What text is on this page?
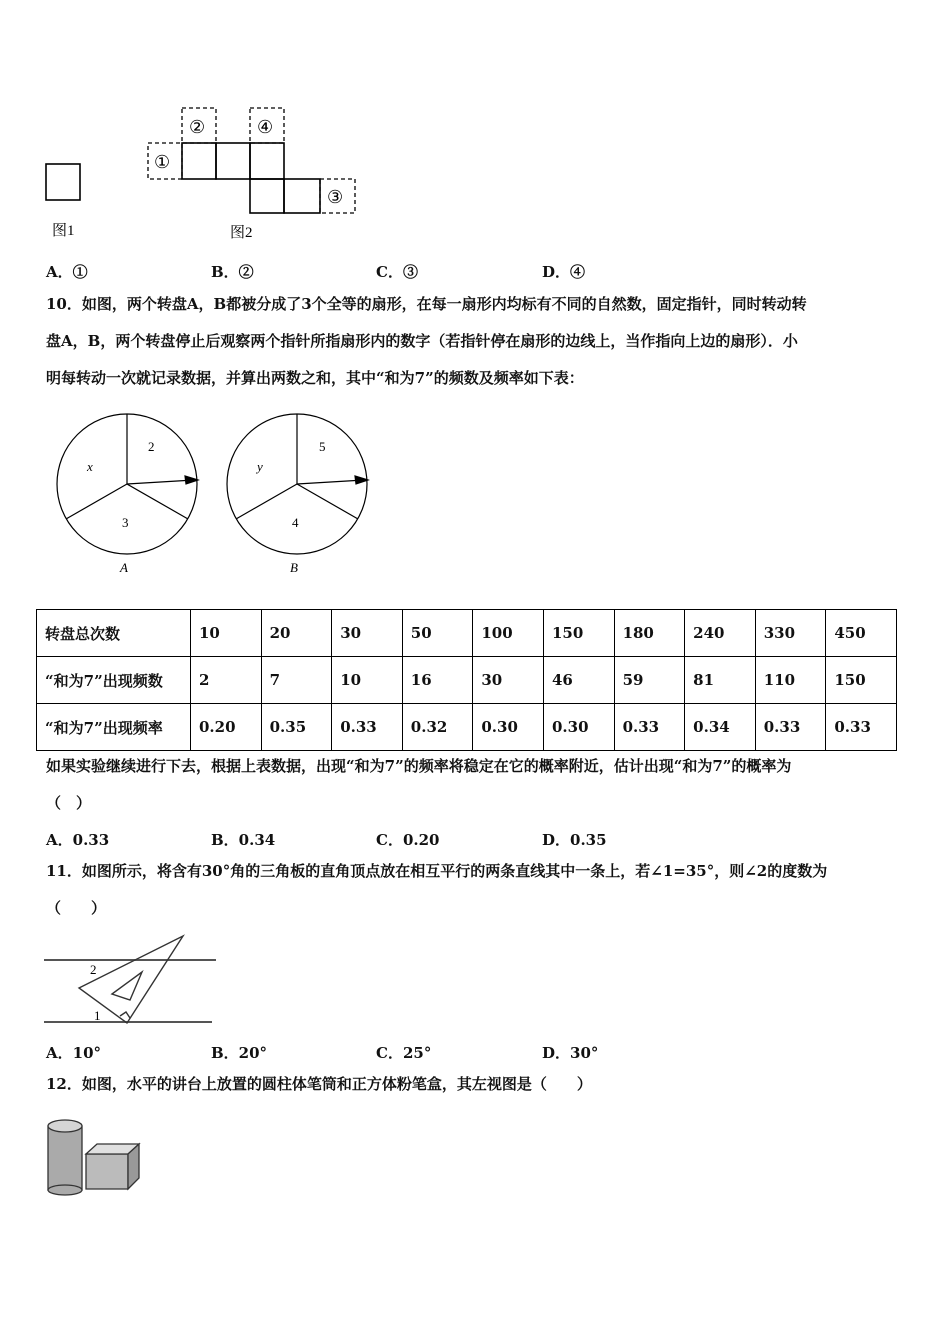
图1
①
②	④
③
图2
A．①	B．②	C．③	D．④
10．如图，两个转盘A，B都被分成了3个全等的扇形，在每一扇形内均标有不同的自然数，固定指针，同时转动转
盘A，B，两个转盘停止后观察两个指针所指扇形内的数字（若指针停在扇形的边线上，当作指向上边的扇形）．小
明每转动一次就记录数据，并算出两数之和，其中“和为7”的频数及频率如下表：
2
x
3
A
5
y
4
B
转盘总次数	10	20	30	50	100	150	180	240	330	450
“和为7”出现频数	2	7	10	16	30	46	59	81	110	150
“和为7”出现频率	0.20	0.35	0.33	0.32	0.30	0.30	0.33	0.34	0.33	0.33
如果实验继续进行下去，根据上表数据，出现“和为7”的频率将稳定在它的概率附近，估计出现“和为7”的概率为
（　）
A．0.33	B．0.34	C．0.20	D．0.35
11．如图所示，将含有30°角的三角板的直角顶点放在相互平行的两条直线其中一条上，若∠1=35°，则∠2的度数为
（　　）
2
1
A．10°	B．20°	C．25°	D．30°
12．如图，水平的讲台上放置的圆柱体笔筒和正方体粉笔盒，其左视图是（　　）
